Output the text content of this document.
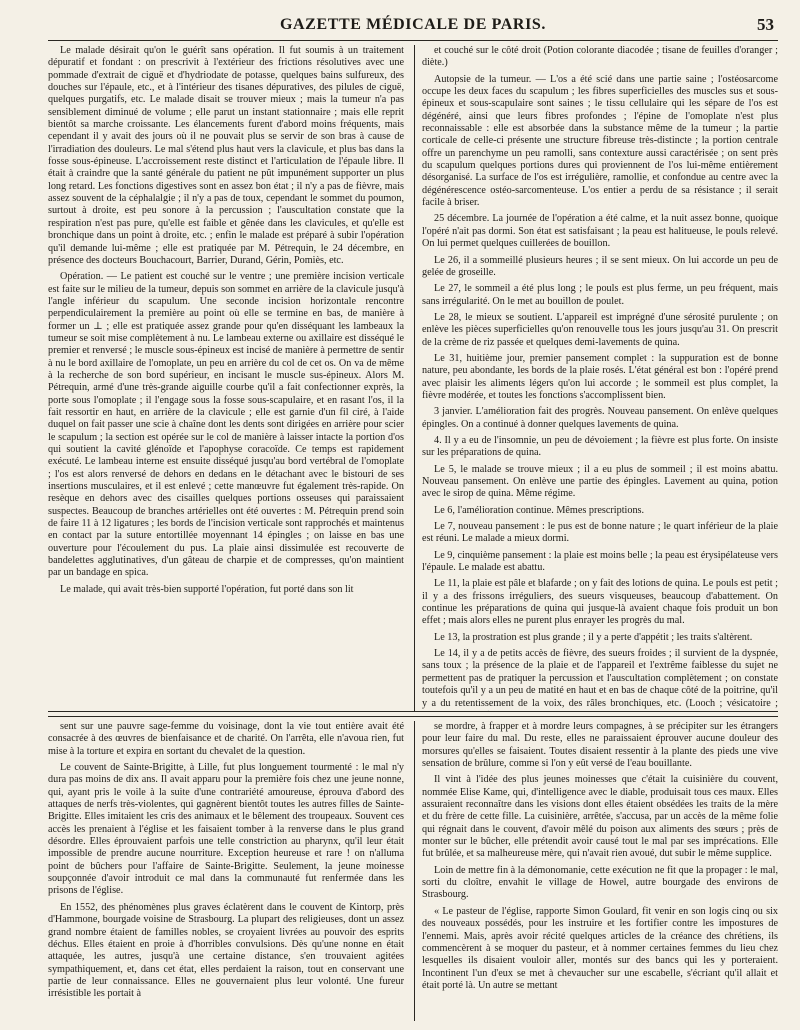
GAZETTE MÉDICALE DE PARIS.	53

Le malade désirait qu'on le guérît sans opération. Il fut soumis à un traitement dépuratif et fondant : on prescrivit à l'extérieur des frictions résolutives avec une pommade d'extrait de ciguë et d'hydriodate de potasse, quelques bains sulfureux, des douches sur l'épaule, etc., et à l'intérieur des tisanes dépuratives, des pilules de ciguë, quelques purgatifs, etc. Le malade disait se trouver mieux ; mais la tumeur n'a pas sensiblement diminué de volume ; elle parut un instant stationnaire ; mais elle reprit bientôt sa marche croissante. Les élancements furent d'abord moins fréquents, mais cependant il y avait des jours où il ne pouvait plus se servir de son bras à cause de l'irradiation des douleurs. Le mal s'étend plus haut vers la clavicule, et plus bas dans la fosse sous-épineuse. L'accroissement reste distinct et l'articulation de l'épaule libre. Il était à craindre que la santé générale du patient ne pût impunément supporter un plus long retard. Les fonctions digestives sont en assez bon état ; il n'y a pas de fièvre, mais assez souvent de la céphalalgie ; il n'y a pas de toux, cependant le sommet du poumon, surtout à droite, est peu sonore à la percussion ; l'auscultation constate que la respiration n'est pas pure, qu'elle est faible et gênée dans les clavicules, et qu'elle est bronchique dans un point à droite, etc. ; enfin le malade est préparé à subir l'opération qu'il demande lui-même ; elle est pratiquée par M. Pétrequin, le 24 décembre, en présence des docteurs Bouchacourt, Barrier, Durand, Gérin, Pomiès, etc.

Opération. — Le patient est couché sur le ventre ; une première incision verticale est faite sur le milieu de la tumeur, depuis son sommet en arrière de la clavicule jusqu'à l'angle inférieur du scapulum. Une seconde incision horizontale rencontre perpendiculairement la première au point où elle se termine en bas, de manière à former un ⊥ ; elle est pratiquée assez grande pour qu'en disséquant les lambeaux la tumeur se soit mise complètement à nu. Le lambeau externe ou axillaire est disséqué le premier et renversé ; le muscle sous-épineux est incisé de manière à permettre de sentir à nu le bord axillaire de l'omoplate, un peu en arrière du col de cet os. On va de même à la recherche de son bord supérieur, en incisant le muscle sus-épineux. Alors M. Pétrequin, armé d'une très-grande aiguille courbe qu'il a fait confectionner exprès, la porte sous l'omoplate ; il l'engage sous la fosse sous-scapulaire, et en rasant l'os, il la fait ressortir en haut, en arrière de la clavicule ; elle est garnie d'un fil ciré, à l'aide duquel on fait passer une scie à chaîne dont les dents sont dirigées en arrière pour scier le scapulum ; la section est opérée sur le col de manière à laisser intacte la portion d'os qui soutient la cavité glénoïde et l'apophyse coracoïde. Ce temps est rapidement exécuté. Le lambeau interne est ensuite disséqué jusqu'au bord vertébral de l'omoplate ; l'os est alors renversé de dehors en dedans en le détachant avec le bistouri de ses insertions musculaires, et il est enlevé ; cette manœuvre fut également très-rapide. On resèque en dehors avec des cisailles quelques portions osseuses qui paraissaient suspectes. Beaucoup de branches artérielles ont été ouvertes : M. Pétrequin prend soin de faire 11 à 12 ligatures ; les bords de l'incision verticale sont rapprochés et maintenus en contact par la suture entortillée moyennant 14 épingles ; on laisse en bas une ouverture pour l'écoulement du pus. La plaie ainsi dissimulée est recouverte de bandelettes agglutinatives, d'un gâteau de charpie et de compresses, qu'on maintient par un bandage en spica.

Le malade, qui avait très-bien supporté l'opération, fut porté dans son lit

et couché sur le côté droit (Potion colorante diacodée ; tisane de feuilles d'oranger ; diète.)

Autopsie de la tumeur. — L'os a été scié dans une partie saine ; l'ostéosarcome occupe les deux faces du scapulum ; les fibres superficielles des muscles sus et sous-épineux et sous-scapulaire sont saines ; le tissu cellulaire qui les sépare de l'os est dégénéré, ainsi que leurs fibres profondes ; l'épine de l'omoplate n'est plus reconnaissable : elle est absorbée dans la substance même de la tumeur ; la partie corticale de celle-ci présente une structure fibreuse très-distincte ; la portion centrale offre un parenchyme un peu ramolli, sans contexture aussi caractérisée ; on sent près du scapulum quelques portions dures qui proviennent de l'os lui-même entièrement désorganisé. La surface de l'os est irrégulière, ramollie, et confondue au centre avec la dégénérescence ostéo-sarcomenteuse. L'os entier a perdu de sa résistance ; il serait facile à briser.

25 décembre. La journée de l'opération a été calme, et la nuit assez bonne, quoique l'opéré n'ait pas dormi. Son état est satisfaisant ; la peau est halitueuse, le pouls relevé. On lui permet quelques cuillerées de bouillon.

Le 26, il a sommeillé plusieurs heures ; il se sent mieux. On lui accorde un peu de gelée de groseille.

Le 27, le sommeil a été plus long ; le pouls est plus ferme, un peu fréquent, mais sans irrégularité. On le met au bouillon de poulet.

Le 28, le mieux se soutient. L'appareil est imprégné d'une sérosité purulente ; on enlève les pièces superficielles qu'on renouvelle tous les jours jusqu'au 31. On prescrit de la crème de riz passée et quelques demi-lavements de quina.

Le 31, huitième jour, premier pansement complet : la suppuration est de bonne nature, peu abondante, les bords de la plaie rosés. L'état général est bon : l'opéré prend avec plaisir les aliments légers qu'on lui accorde ; le sommeil est plus complet, la fièvre modérée, et toutes les fonctions s'accomplissent bien.

3 janvier. L'amélioration fait des progrès. Nouveau pansement. On enlève quelques épingles. On a continué à donner quelques lavements de quina.

4. Il y a eu de l'insomnie, un peu de dévoiement ; la fièvre est plus forte. On insiste sur les préparations de quina.

Le 5, le malade se trouve mieux ; il a eu plus de sommeil ; il est moins abattu. Nouveau pansement. On enlève une partie des épingles. Lavement au quina, potion avec le sirop de quina. Même régime.

Le 6, l'amélioration continue. Mêmes prescriptions.

Le 7, nouveau pansement : le pus est de bonne nature ; le quart inférieur de la plaie est réuni. Le malade a mieux dormi.

Le 9, cinquième pansement : la plaie est moins belle ; la peau est érysipélateuse vers l'épaule. Le malade est abattu.

Le 11, la plaie est pâle et blafarde ; on y fait des lotions de quina. Le pouls est petit ; il y a des frissons irréguliers, des sueurs visqueuses, beaucoup d'abattement. On continue les préparations de quina qui jusque-là avaient chaque fois produit un bon effet ; mais alors elles ne purent plus enrayer les progrès du mal.

Le 13, la prostration est plus grande ; il y a perte d'appétit ; les traits s'altèrent.

Le 14, il y a de petits accès de fièvre, des sueurs froides ; il survient de la dyspnée, sans toux ; la présence de la plaie et de l'appareil et l'extrême faiblesse du sujet ne permettent pas de pratiquer la percussion et l'auscultation complètement ; on constate toutefois qu'il y a un peu de matité en haut et en bas de chaque côté de la poitrine, qu'il y a du retentissement de la voix, des râles bronchiques, etc. (Looch ; vésicatoire ;

sent sur une pauvre sage-femme du voisinage, dont la vie tout entière avait été consacrée à des œuvres de bienfaisance et de charité. On l'arrêta, elle n'avoua rien, fut mise à la torture et expira en sortant du chevalet de la question.

Le couvent de Sainte-Brigitte, à Lille, fut plus longuement tourmenté : le mal n'y dura pas moins de dix ans. Il avait apparu pour la première fois chez une jeune nonne, qui, ayant pris le voile à la suite d'une contrariété amoureuse, éprouva d'abord des attaques de nerfs très-violentes, qui gagnèrent bientôt toutes les autres filles de Sainte-Brigitte. Elles imitaient les cris des animaux et le bêlement des troupeaux. Souvent ces accès les prenaient à l'église et les faisaient tomber à la renverse dans le plus grand désordre. Elles éprouvaient parfois une telle constriction au pharynx, qu'il leur était impossible de prendre aucune nourriture. Exception heureuse et rare ! on n'alluma point de bûchers pour l'affaire de Sainte-Brigitte. Seulement, la jeune moinesse soupçonnée d'avoir introduit ce mal dans la communauté fut renfermée dans les prisons de l'église.

En 1552, des phénomènes plus graves éclatèrent dans le couvent de Kintorp, près d'Hammone, bourgade voisine de Strasbourg. La plupart des religieuses, dont un assez grand nombre étaient de familles nobles, se croyaient livrées au pouvoir des esprits déchus. Elles étaient en proie à d'horribles convulsions. Dès qu'une nonne en était attaquée, les autres, jusqu'à une certaine distance, s'en trouvaient agitées sympathiquement, et, dans cet état, elles perdaient la raison, tout en conservant une partie de leur connaissance. Elles ne gouvernaient plus leur volonté. Une fureur irrésistible les portait à

se mordre, à frapper et à mordre leurs compagnes, à se précipiter sur les étrangers pour leur faire du mal. Du reste, elles ne paraissaient éprouver aucune douleur des morsures qu'elles se faisaient. Toutes disaient ressentir à la plante des pieds une vive sensation de brûlure, comme si l'on y eût versé de l'eau bouillante.

Il vint à l'idée des plus jeunes moinesses que c'était la cuisinière du couvent, nommée Elise Kame, qui, d'intelligence avec le diable, produisait tous ces maux. Elles assuraient reconnaître dans les visions dont elles étaient obsédées les traits de la mère et du frère de cette fille. La cuisinière, arrêtée, s'accusa, par un accès de la même folie qui régnait dans le couvent, d'avoir mêlé du poison aux aliments des sœurs ; près de monter sur le bûcher, elle prétendit avoir causé tout le mal par ses imprécations. Elle fut brûlée, et sa malheureuse mère, qui n'avait rien avoué, dut subir le même supplice.

Loin de mettre fin à la démonomanie, cette exécution ne fit que la propager : le mal, sorti du cloître, envahit le village de Howel, autre bourgade des environs de Strasbourg.

« Le pasteur de l'église, rapporte Simon Goulard, fit venir en son logis cinq ou six des nouveaux possédés, pour les instruire et les fortifier contre les impostures de l'ennemi. Mais, après avoir récité quelques articles de la créance des chrétiens, ils commencèrent à se moquer du pasteur, et à nommer certaines femmes du lieu chez lesquelles ils disaient vouloir aller, montés sur des bancs qui les y porteraient. Incontinent l'un d'eux se met à chevaucher sur une escabelle, s'écriant qu'il allait et était porté là. Un autre se mettant
